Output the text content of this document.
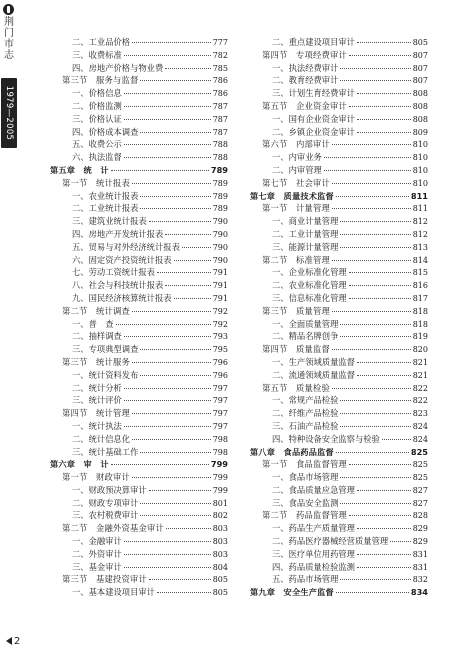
荆门市志
1979—2005
二、工业品价格	777
三、收费标准	782
四、房地产价格与物业费	785
第三节　服务与监督	786
一、价格信息	786
二、价格监测	787
三、价格认证	787
四、价格成本调查	787
五、收费公示	788
六、执法监督	788
第五章　统　计	789
第一节　统计报表	789
一、农业统计报表	789
二、工业统计报表	789
三、建筑业统计报表	790
四、房地产开发统计报表	790
五、贸易与对外经济统计报表	790
六、固定资产投资统计报表	790
七、劳动工资统计报表	791
八、社会与科技统计报表	791
九、国民经济核算统计报表	791
第二节　统计调查	792
一、普　查	792
二、抽样调查	793
三、专项典型调查	795
第三节　统计服务	796
一、统计资料发布	796
二、统计分析	797
三、统计评价	797
第四节　统计管理	797
一、统计执法	797
二、统计信息化	798
三、统计基础工作	798
第六章　审　计	799
第一节　财政审计	799
一、财政预决算审计	799
二、财政专项审计	801
三、农村税费审计	802
第二节　金融外资基金审计	803
一、金融审计	803
二、外资审计	803
三、基金审计	804
第三节　基建投资审计	805
一、基本建设项目审计	805
二、重点建设项目审计	805
第四节　专项经费审计	807
一、执法经费审计	807
二、教育经费审计	807
三、计划生育经费审计	808
第五节　企业资金审计	808
一、国有企业资金审计	808
二、乡镇企业资金审计	809
第六节　内部审计	810
一、内审业务	810
二、内审管理	810
第七节　社会审计	810
第七章　质量技术监督	811
第一节　计量管理	811
一、商业计量管理	812
二、工业计量管理	812
三、能源计量管理	813
第二节　标准管理	814
一、企业标准化管理	815
二、农业标准化管理	816
三、信息标准化管理	817
第三节　质量管理	818
一、全面质量管理	818
二、精品名牌创争	819
第四节　质量监督	820
一、生产领域质量监督	821
二、流通领域质量监督	821
第五节　质量检验	822
一、常规产品检验	822
二、纤维产品检验	823
三、石油产品检验	824
四、特种设备安全监察与检验	824
第八章　食品药品监督	825
第一节　食品监督管理	825
一、食品市场管理	825
二、食品质量应急管理	827
三、食品安全监测	827
第二节　药品监督管理	828
一、药品生产质量管理	829
二、药品医疗器械经营质量管理	829
三、医疗单位用药管理	831
四、药品质量检验监测	831
五、药品市场管理	832
第九章　安全生产监督	834
2
